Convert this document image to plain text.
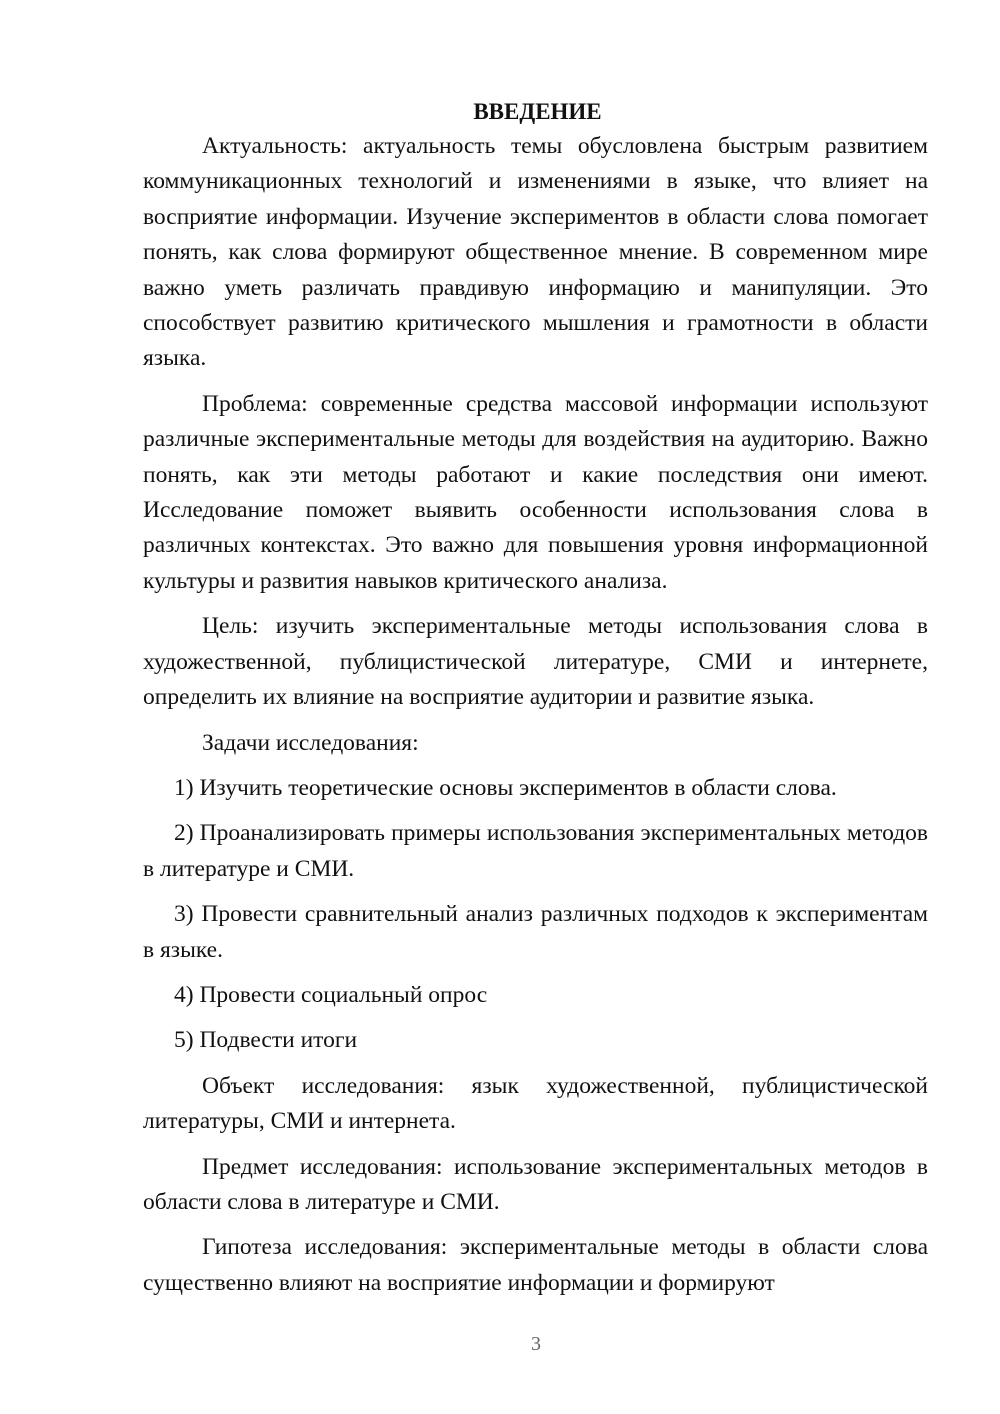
ВВЕДЕНИЕ

Актуальность: актуальность темы обусловлена быстрым развитием коммуникационных технологий и изменениями в языке, что влияет на восприятие информации. Изучение экспериментов в области слова помогает понять, как слова формируют общественное мнение. В современном мире важно уметь различать правдивую информацию и манипуляции. Это способствует развитию критического мышления и грамотности в области языка.

Проблема: современные средства массовой информации используют различные экспериментальные методы для воздействия на аудиторию. Важно понять, как эти методы работают и какие последствия они имеют. Исследование поможет выявить особенности использования слова в различных контекстах. Это важно для повышения уровня информационной культуры и развития навыков критического анализа.

Цель: изучить экспериментальные методы использования слова в художественной, публицистической литературе, СМИ и интернете, определить их влияние на восприятие аудитории и развитие языка.

Задачи исследования:

1) Изучить теоретические основы экспериментов в области слова.

2) Проанализировать примеры использования экспериментальных методов в литературе и СМИ.

3) Провести сравнительный анализ различных подходов к экспериментам в языке.

4) Провести социальный опрос

5) Подвести итоги

Объект исследования: язык художественной, публицистической литературы, СМИ и интернета.

Предмет исследования: использование экспериментальных методов в области слова в литературе и СМИ.

Гипотеза исследования: экспериментальные методы в области слова существенно влияют на восприятие информации и формируют

3
